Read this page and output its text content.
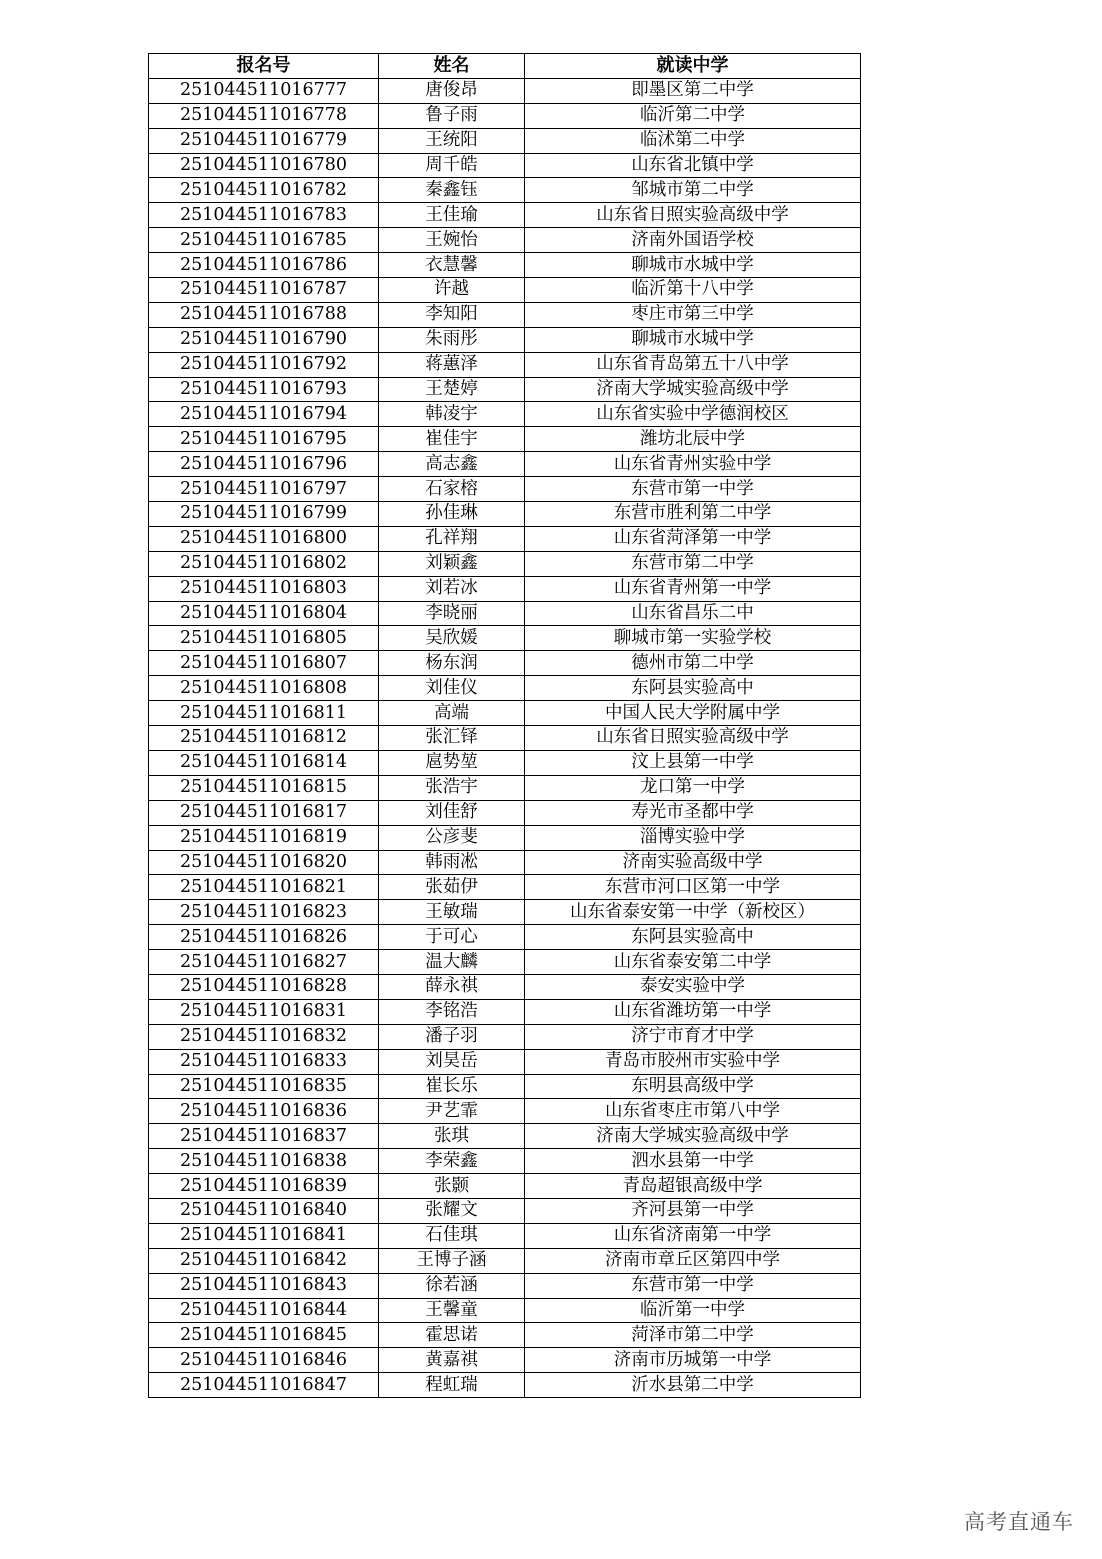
报名号	姓名	就读中学
251044511016777	唐俊昂	即墨区第二中学
251044511016778	鲁子雨	临沂第二中学
251044511016779	王统阳	临沭第二中学
251044511016780	周千皓	山东省北镇中学
251044511016782	秦鑫钰	邹城市第二中学
251044511016783	王佳瑜	山东省日照实验高级中学
251044511016785	王婉怡	济南外国语学校
251044511016786	衣慧馨	聊城市水城中学
251044511016787	许越	临沂第十八中学
251044511016788	李知阳	枣庄市第三中学
251044511016790	朱雨彤	聊城市水城中学
251044511016792	蒋蕙泽	山东省青岛第五十八中学
251044511016793	王楚婷	济南大学城实验高级中学
251044511016794	韩凌宇	山东省实验中学德润校区
251044511016795	崔佳宇	潍坊北辰中学
251044511016796	高志鑫	山东省青州实验中学
251044511016797	石家榕	东营市第一中学
251044511016799	孙佳琳	东营市胜利第二中学
251044511016800	孔祥翔	山东省菏泽第一中学
251044511016802	刘颖鑫	东营市第二中学
251044511016803	刘若冰	山东省青州第一中学
251044511016804	李晓丽	山东省昌乐二中
251044511016805	吴欣媛	聊城市第一实验学校
251044511016807	杨东润	德州市第二中学
251044511016808	刘佳仪	东阿县实验高中
251044511016811	高端	中国人民大学附属中学
251044511016812	张汇铎	山东省日照实验高级中学
251044511016814	扈势堃	汶上县第一中学
251044511016815	张浩宇	龙口第一中学
251044511016817	刘佳舒	寿光市圣都中学
251044511016819	公彦斐	淄博实验中学
251044511016820	韩雨凇	济南实验高级中学
251044511016821	张茹伊	东营市河口区第一中学
251044511016823	王敏瑞	山东省泰安第一中学（新校区）
251044511016826	于可心	东阿县实验高中
251044511016827	温大麟	山东省泰安第二中学
251044511016828	薛永祺	泰安实验中学
251044511016831	李铭浩	山东省潍坊第一中学
251044511016832	潘子羽	济宁市育才中学
251044511016833	刘昊岳	青岛市胶州市实验中学
251044511016835	崔长乐	东明县高级中学
251044511016836	尹艺霏	山东省枣庄市第八中学
251044511016837	张琪	济南大学城实验高级中学
251044511016838	李荣鑫	泗水县第一中学
251044511016839	张颢	青岛超银高级中学
251044511016840	张耀文	齐河县第一中学
251044511016841	石佳琪	山东省济南第一中学
251044511016842	王博子涵	济南市章丘区第四中学
251044511016843	徐若涵	东营市第一中学
251044511016844	王馨童	临沂第一中学
251044511016845	霍思诺	菏泽市第二中学
251044511016846	黄嘉祺	济南市历城第一中学
251044511016847	程虹瑞	沂水县第二中学
高考直通车
